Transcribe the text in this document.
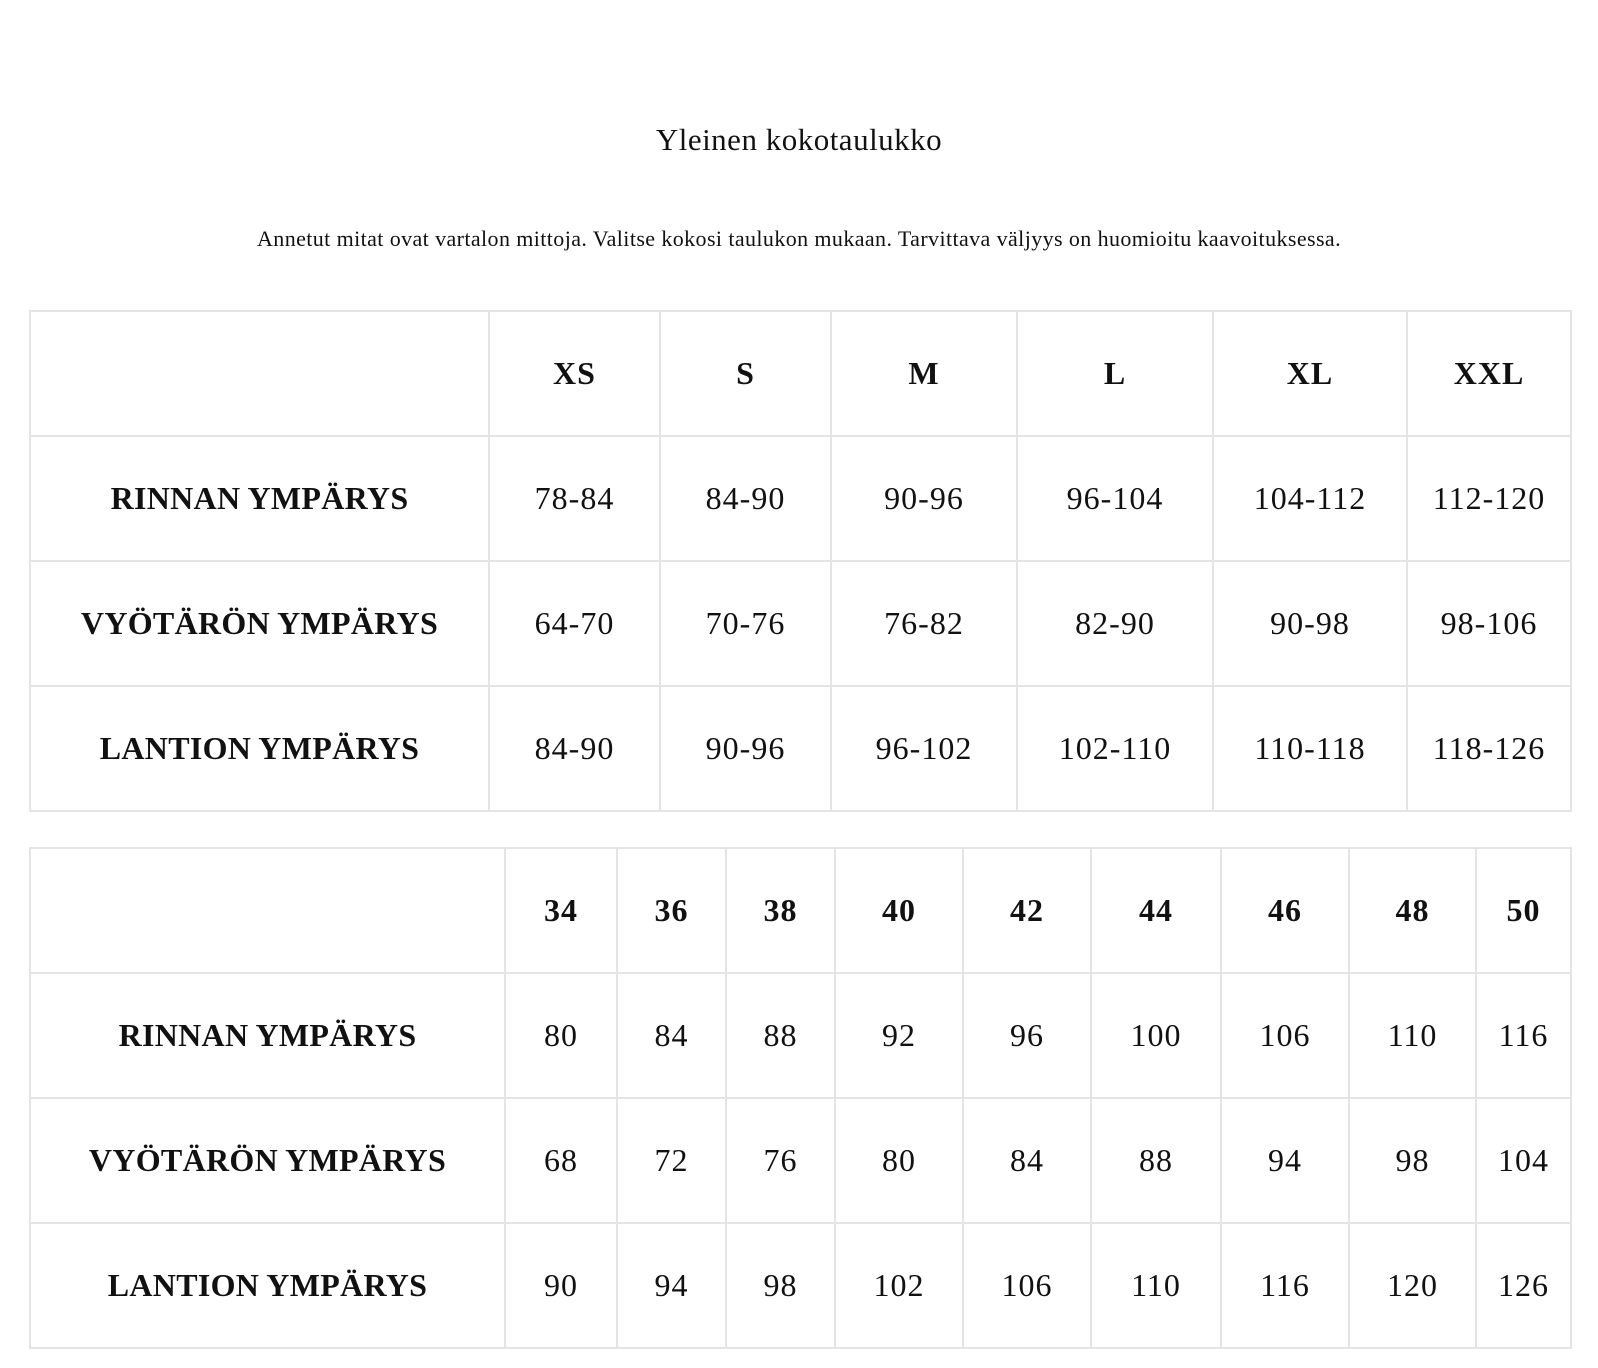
Yleinen kokotaulukko

Annetut mitat ovat vartalon mittoja. Valitse kokosi taulukon mukaan. Tarvittava väljyys on huomioitu kaavoituksessa.

	XS	S	M	L	XL	XXL
RINNAN YMPÄRYS	78-84	84-90	90-96	96-104	104-112	112-120
VYÖTÄRÖN YMPÄRYS	64-70	70-76	76-82	82-90	90-98	98-106
LANTION YMPÄRYS	84-90	90-96	96-102	102-110	110-118	118-126
	34	36	38	40	42	44	46	48	50
RINNAN YMPÄRYS	80	84	88	92	96	100	106	110	116
VYÖTÄRÖN YMPÄRYS	68	72	76	80	84	88	94	98	104
LANTION YMPÄRYS	90	94	98	102	106	110	116	120	126
